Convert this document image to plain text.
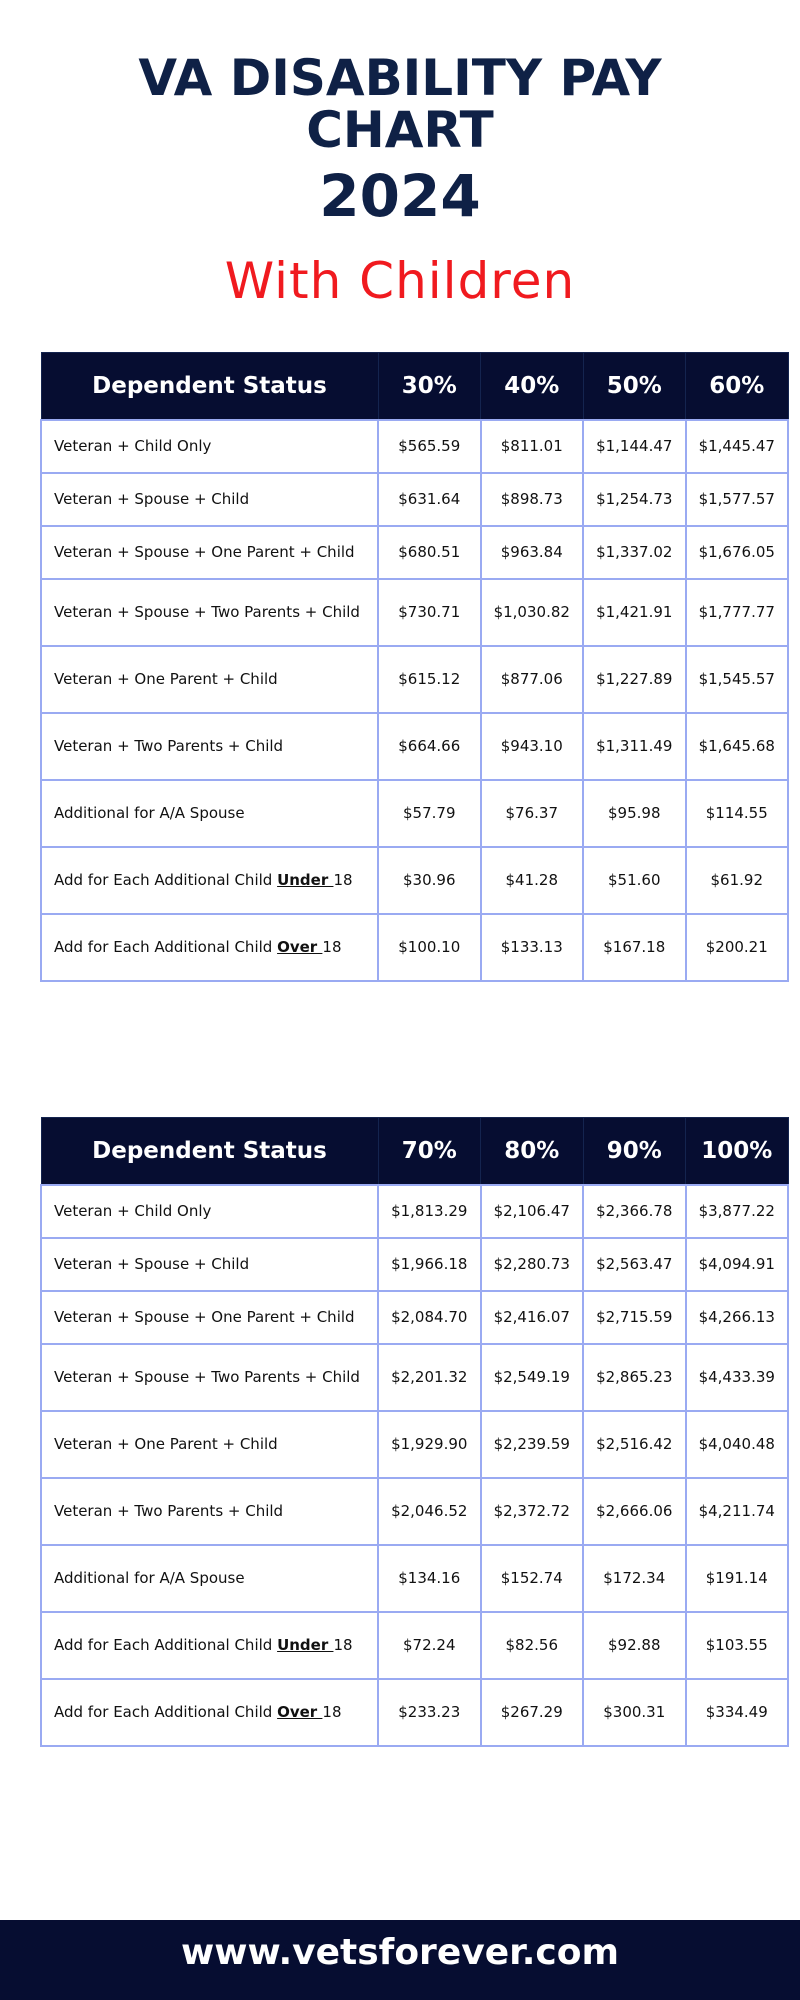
VA DISABILITY PAY
CHART
2024
With Children
Dependent Status	30%	40%	50%	60%
Veteran + Child Only	$565.59	$811.01	$1,144.47	$1,445.47
Veteran + Spouse + Child	$631.64	$898.73	$1,254.73	$1,577.57
Veteran + Spouse + One Parent + Child	$680.51	$963.84	$1,337.02	$1,676.05
Veteran + Spouse + Two Parents + Child	$730.71	$1,030.82	$1,421.91	$1,777.77
Veteran + One Parent + Child	$615.12	$877.06	$1,227.89	$1,545.57
Veteran + Two Parents + Child	$664.66	$943.10	$1,311.49	$1,645.68
Additional for A/A Spouse	$57.79	$76.37	$95.98	$114.55
Add for Each Additional Child Under 18	$30.96	$41.28	$51.60	$61.92
Add for Each Additional Child Over 18	$100.10	$133.13	$167.18	$200.21
Dependent Status	70%	80%	90%	100%
Veteran + Child Only	$1,813.29	$2,106.47	$2,366.78	$3,877.22
Veteran + Spouse + Child	$1,966.18	$2,280.73	$2,563.47	$4,094.91
Veteran + Spouse + One Parent + Child	$2,084.70	$2,416.07	$2,715.59	$4,266.13
Veteran + Spouse + Two Parents + Child	$2,201.32	$2,549.19	$2,865.23	$4,433.39
Veteran + One Parent + Child	$1,929.90	$2,239.59	$2,516.42	$4,040.48
Veteran + Two Parents + Child	$2,046.52	$2,372.72	$2,666.06	$4,211.74
Additional for A/A Spouse	$134.16	$152.74	$172.34	$191.14
Add for Each Additional Child Under 18	$72.24	$82.56	$92.88	$103.55
Add for Each Additional Child Over 18	$233.23	$267.29	$300.31	$334.49
www.vetsforever.com
